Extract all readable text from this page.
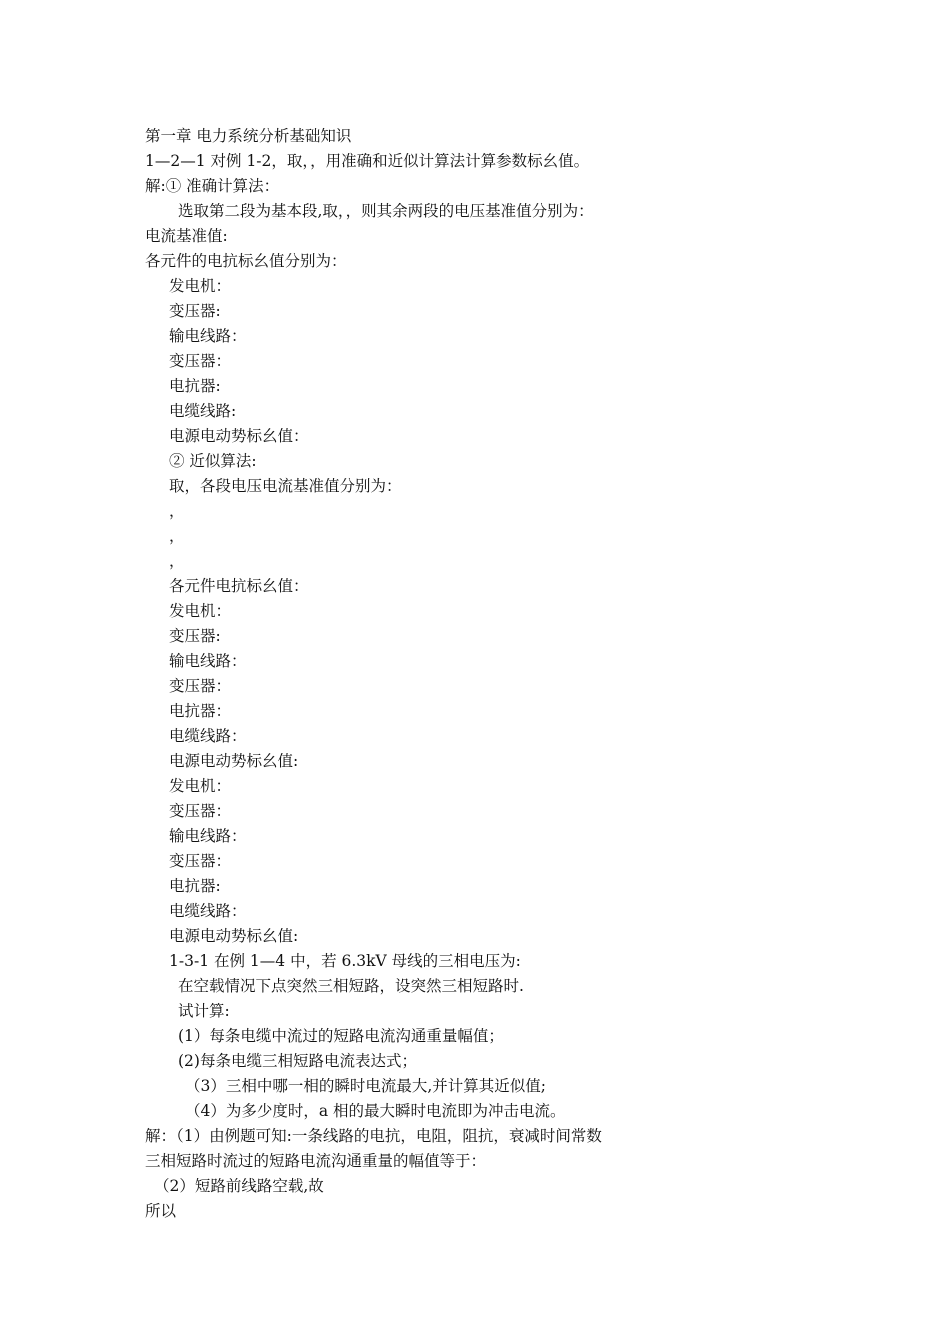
第一章 电力系统分析基础知识
1—2—1 对例 1-2，取，，用准确和近似计算法计算参数标幺值。
解:① 准确计算法：
选取第二段为基本段,取，，则其余两段的电压基准值分别为：
电流基准值:
各元件的电抗标幺值分别为：
发电机：
变压器:
输电线路：
变压器：
电抗器:
电缆线路:
电源电动势标幺值：
② 近似算法:
取，各段电压电流基准值分别为：
，
，
，
各元件电抗标幺值：
发电机：
变压器:
输电线路：
变压器：
电抗器：
电缆线路：
电源电动势标幺值:
发电机：
变压器：
输电线路：
变压器：
电抗器:
电缆线路：
电源电动势标幺值:
1-3-1 在例 1—4 中，若 6.3kV 母线的三相电压为:
在空载情况下点突然三相短路，设突然三相短路时.
试计算:
(1）每条电缆中流过的短路电流沟通重量幅值；
(2)每条电缆三相短路电流表达式；
（3）三相中哪一相的瞬时电流最大,并计算其近似值;
（4）为多少度时，a 相的最大瞬时电流即为冲击电流。
解：（1）由例题可知:一条线路的电抗，电阻，阻抗，衰减时间常数
三相短路时流过的短路电流沟通重量的幅值等于：
（2）短路前线路空载,故
所以
